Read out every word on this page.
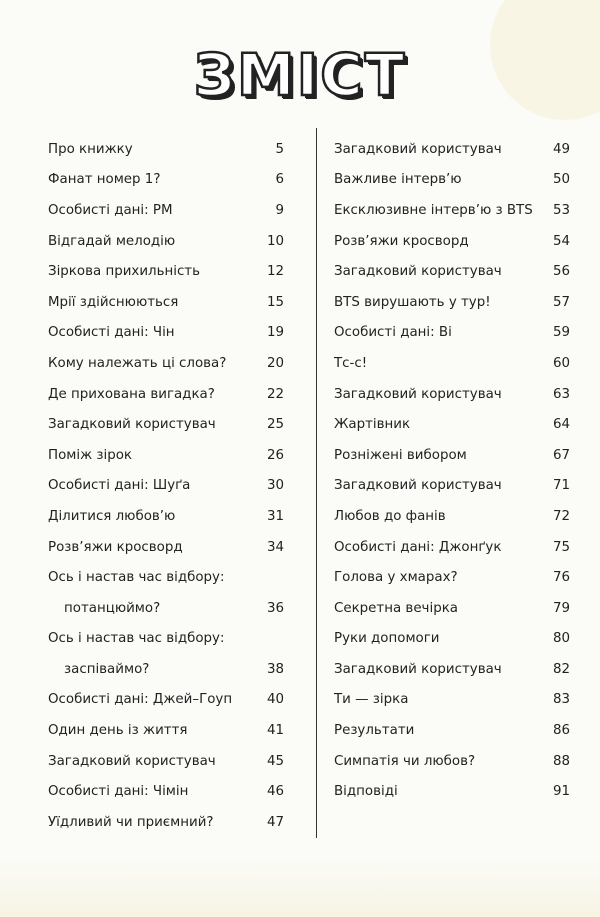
ЗМІСТ
Про книжку	5
Фанат номер 1?	6
Особисті дані: РМ	9
Відгадай мелодію	10
Зіркова прихильність	12
Мрії здійснюються	15
Особисті дані: Чін	19
Кому належать ці слова?	20
Де прихована вигадка?	22
Загадковий користувач	25
Поміж зірок	26
Особисті дані: Шуґа	30
Ділитися любов’ю	31
Розв’яжи кросворд	34
Ось і настав час відбору:
потанцюймо?	36
Ось і настав час відбору:
заспіваймо?	38
Особисті дані: Джей–Гоуп	40
Один день із життя	41
Загадковий користувач	45
Особисті дані: Чімін	46
Уїдливий чи приємний?	47
Загадковий користувач	49
Важливе інтерв’ю	50
Ексклюзивне інтерв’ю з BTS 53
Розв’яжи кросворд	54
Загадковий користувач	56
BTS вирушають у тур!	57
Особисті дані: Ві	59
Тс-с!	60
Загадковий користувач	63
Жартівник	64
Розніжені вибором	67
Загадковий користувач	71
Любов до фанів	72
Особисті дані: Джонґук	75
Голова у хмарах?	76
Секретна вечірка	79
Руки допомоги	80
Загадковий користувач	82
Ти — зірка	83
Результати	86
Симпатія чи любов?	88
Відповіді	91
